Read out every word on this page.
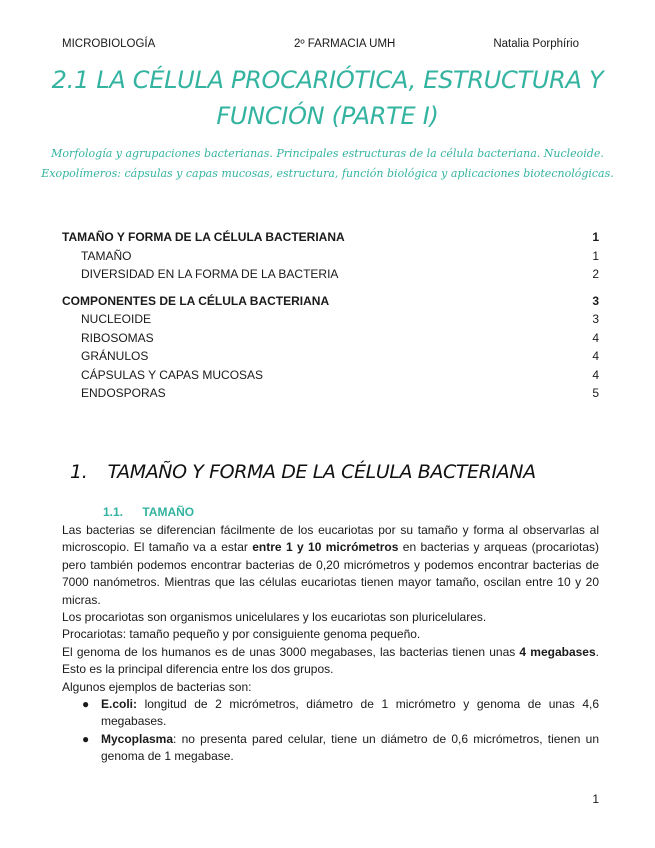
MICROBIOLOGÍA	2º FARMACIA UMH	Natalia Porphírio
2.1 LA CÉLULA PROCARIÓTICA, ESTRUCTURA Y
FUNCIÓN (PARTE I)
Morfología y agrupaciones bacterianas. Principales estructuras de la célula bacteriana. Nucleoide.
Exopolímeros: cápsulas y capas mucosas, estructura, función biológica y aplicaciones biotecnológicas.
TAMAÑO Y FORMA DE LA CÉLULA BACTERIANA	1
TAMAÑO	1
DIVERSIDAD EN LA FORMA DE LA BACTERIA	2
COMPONENTES DE LA CÉLULA BACTERIANA	3
NUCLEOIDE	3
RIBOSOMAS	4
GRÁNULOS	4
CÁPSULAS Y CAPAS MUCOSAS	4
ENDOSPORAS	5
1. TAMAÑO Y FORMA DE LA CÉLULA BACTERIANA
1.1. TAMAÑO

Las bacterias se diferencian fácilmente de los eucariotas por su tamaño y forma al observarlas al microscopio. El tamaño va a estar entre 1 y 10 micrómetros en bacterias y arqueas (procariotas) pero también podemos encontrar bacterias de 0,20 micrómetros y podemos encontrar bacterias de 7000 nanómetros. Mientras que las células eucariotas tienen mayor tamaño, oscilan entre 10 y 20 micras.

Los procariotas son organismos unicelulares y los eucariotas son pluricelulares.

Procariotas: tamaño pequeño y por consiguiente genoma pequeño.

El genoma de los humanos es de unas 3000 megabases, las bacterias tienen unas 4 megabases. Esto es la principal diferencia entre los dos grupos.

Algunos ejemplos de bacterias son:

● E.coli: longitud de 2 micrómetros, diámetro de 1 micrómetro y genoma de unas 4,6 megabases.
● Mycoplasma: no presenta pared celular, tiene un diámetro de 0,6 micrómetros, tienen un genoma de 1 megabase.
1
